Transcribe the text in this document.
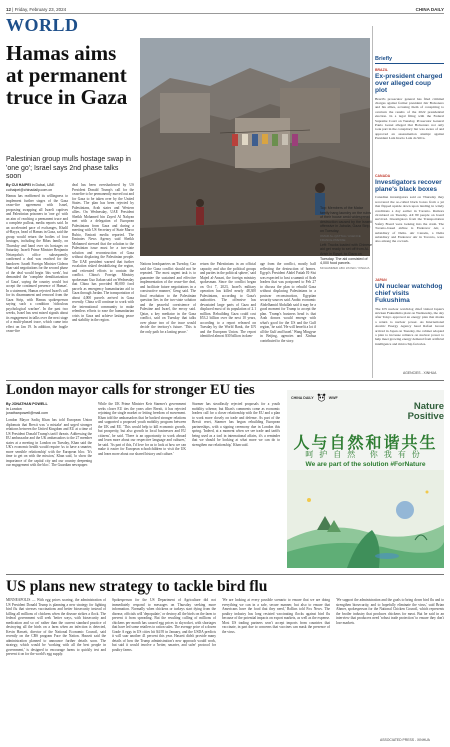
12 | Friday, February 23, 2024	CHINA DAILY
WORLD
Hamas aims at permanent truce in Gaza
Palestinian group mulls hostage swap in 'one go'; Israel says 2nd phase talks soon
By CUI HAIPEI in Dubai, UAE
cuihaipei@chinadaily.com.cn
Hamas has reaffirmed its willingness to implement further stages of the Gaza cease-fire agreement with Israel, proposing swapping all Israeli captives and Palestinian prisoners in 'one go' with an aim of reaching a permanent truce and a complete pullout, media reports said. In an accelerated pace of exchanges, Khalil al-Hayya, head of Hamas in Gaza, said the group would return the bodies of four hostages, including the Bibas family, on Thursday and hand over six hostages on Saturday. Israeli Prime Minister Benjamin Netanyahu's office subsequently confirmed a deal was reached for the handover. Israeli Foreign Minister Gideon Saar said negotiations for the second phase of the deal would begin 'this week', but demanded the 'complete demilitarization of Gaza', saying the country would 'not accept the continued presence of Hamas'. In a statement, Hamas rejected Israel's call for its disarmament and removal from the Gaza Strip, with Hamas spokesperson saying such a condition 'ridiculous psychological warfare'. In the past two weeks, Israel has sent mixed signals about its engagement in talks over the next stage of a multi-phased truce, which came into effect on Jan 19. In addition, the fragile cease-fire
deal has been overshadowed by US President Donald Trump's call for the ceasefire to be permanently moved out and for Gaza to be taken over by the United States. The plan has been rejected by Palestinians, Arab states and Western allies. On Wednesday, UAE President Sheikh Mohamed bin Zayed Al Nahyan met with a delegation of European Palestinians from Gaza and during a meeting with US Secretary of State Marco Rubio, Emirati media reported. The Emirates News Agency said Sheikh Mohamed stressed that the solution to the Palestinian issue must be a two-state solution and reconstruction of Gaza without displacing the Palestinian people. The UAE president warned that further escalation risked destabilizing the region, and reiterated efforts to contain the conflict. China's Foreign Ministry spokesman Guo Jiakun said on Wednesday that China has provided 80,000 food parcels as emergency humanitarian aid to Gaza through Jordan. The transportation of about 4,000 parcels arrived in Gaza recently. China will continue to work with the international community to make relentless efforts to ease the humanitarian crisis in Gaza and achieve lasting peace and stability in the region.
Nations headquarters on Tuesday, Cao said the Gaza conflict should not be repeated. 'The most urgent task is to guarantee the sustained and effective implementation of the cease-fire deal, and facilitate future negotiations in a constructive manner,' Geng said. The final resolution to the Palestinian question lies in the two-state solution and the peaceful coexistence of Palestine and Israel, the envoy said. Qatar, a key mediator in the Gaza conflict, said on Tuesday that talks over phase two of the truce would decide the territory's future. 'This is the only path for a lasting peace.'
return the Palestinians in an official capacity and also the political groups and parties in the political sphere,' said Majed al-Ansari, the foreign ministry spokesman. Since the conflict began on Oct 7, 2023, Israel's military operation has killed nearly 48,300 Palestinians, according to Gaza's authorities. The offensive has devastated large parts of Gaza and displaced most of its population of 2.1 million. Rebuilding Gaza could cost $53.2 billion over the next 10 years, according to a report released on Tuesday by the World Bank, the UN and the European Union. The report identified almost $30 billion in dam-
age from the conflict, mostly half reflecting the destruction of homes. Egypt's President Abdel Fattah El-Sisi was expected to host a summit of Arab leaders that was postponed to Feb 27 to discuss the plan to rebuild Gaza without displacing Palestinians in a postwar reconstruction, Egyptian security sources said. Arabic economic Abdelhamid Abdullah said it may be a good moment for Trump to accept the plan. 'Trump's business head is that Arab donors would emerge with what's good for the US and the Gulf region,' he said. 'He will benefit a lot if all the Gulf and Israel.' Wang Mingyue in Beijing, agencies and Xinhua contributed to the story.
Top: Members of the Matar family hang laundry on the ruins of their house amid widespread destruction caused by the Israeli offensive in Jabalia, Gaza Strip, on Tuesday.
OMAR AL-QATTAA / AGENCE FRANCE-PRESSE
Left: Trucks loaded with Chinese aid get ready to set off from Al-Arish in Egypt, to Gaza on Tuesday. The aid consisted of 4,000 food parcels.
MOHAMMED ABU ZAYED / XINHUA
Briefly
BRAZIL
Ex-president charged over alleged coup plot
Brazil's prosecutor general has filed criminal charges against former president Jair Bolsonaro and his allies, accusing them of conspiring to overturn the results of the 2022 presidential election. In a legal filing with the Federal Supreme Court on Tuesday, Prosecutor General Paulo Gonet alleged that Bolsonaro not only took part in the conspiracy but was aware of and approved an assassination attempt against President Luiz Inacio Lula da Silva.
CANADA
Investigators recover plane's black boxes
Canadian investigators said on Thursday they recovered the so-called black boxes from a jet that flipped upside down upon landing in windy conditions a day earlier in Toronto. Rumors circulated on Tuesday. All 80 people on board survived. Investigators from the Transportation Safety Board were looking into the crash. The Toronto-based airline is Endeavor Air, a subsidiary of Delta. Air Canada, a Delta subsidiary and Endeavor Air in Toronto, were also among the cocrash.
JAPAN
UN nuclear watchdog chief visits Fukushima
The UN nuclear watchdog chief visited Japan's stricken Fukushima plant on Wednesday, the day after Tokyo approved an energy plan that marks a return to nuclear power. As International Atomic Energy Agency head Rafael Grossi arrived in Japan on Tuesday, the cabinet adopted a plan to increase reliance on nuclear power to help meet growing energy demand from artificial intelligence and microchip factories.
AGENCIES - XINHUA
London mayor calls for stronger EU ties
By JONATHAN POWELL
in London
jonathanpowell@mail.com
London Mayor Sadiq Khan has told European Union diplomats that Brexit was 'a mistake' and urged stronger relations between the United Kingdom and EU at a time of US President Donald Trump's tariff threats. Addressing the EU ambassador and the UK ambassadors to the 27 member states at a meeting in London on Tuesday, Khan said the UK's economic health would require 'us to have a smarter, more sensible relationship' with the European bloc. 'It's time to get on with the mission,' Khan said, 'to show the importance of the capital city and our country deepening our engagement with the bloc'. The Guardian newspaper.
While the UK Prime Minister Keir Starmer's government seeks closer EU ties the years after Brexit, it has rejected rejoining the single market or letting freedom of movement. Khan told the ambassadors that he backed stronger relations and supported a proposed youth mobility program between the UK and EU. 'This would help to kill economic growth, but prosperity, but also growth in local businesses and EU citizens', he said. 'There is an opportunity to work abroad and learn more about our respective language and cultures,' he said. 'As part of this, I'd love for us to look at how we can make it easier for European schoolchildren to visit the UK and learn more about our shared history and culture.'
Starmer has steadfastly rejected proposals for a youth mobility scheme, but Khan's comments come as economic leaders call for a closer relationship with the EU and a plan to work more closely on trade and defense. As part of the Brexit reset, Starmer has begun rebuilding European partnerships, with a signing ceremony due in London this spring. 'Indeed, at a moment when we see trade and tariffs being used as a tool in international affairs, it's a reminder that we should be looking at what more we can do to strengthen our relationship,' Khan said.
CHINA DAILY	WWF
Nature Positive
人与自然和谐共生
呵护自然 你我有份
We are part of the solution #ForNature
US plans new strategy to tackle bird flu
MINNEAPOLIS — With egg prices soaring, the administration of US President Donald Trump is planning a new strategy for fighting bird flu that stresses vaccinations and better biosecurity instead of killing all millions of chickens when the disease strikes a flock. The federal government will seek 'better ways, with biosecurity and medication and so on' rather than the current standard practice of destroying all the birds on a farm when an infection is detected, Kevin Hassett, director of the National Economic Council, said recently on the CBS program Face the Nation. Hassett said the administration planned to announce further details soon. The strategy, which would be 'working with all the best people in government,' is designed to encourage farms to quickly test and prevent it on for the world's egg supply.
Spokesperson for the US Department of Agriculture did not immediately respond to messages on Thursday seeking more information. Normally when chickens or turkeys start dying from the disease, officials will 'depopulate,' or destroy all the birds on the farm to prevent it from spreading. But the resulting culling of millions of chickens per month has caused egg prices to skyrocket, with shortages that have led some retailers to ration sales. The average price of a dozen Grade A eggs in US cities hit $4.95 in January, and the USDA predicts it will soar another 41 percent this year. Hassett didn't provide many details of how the Trump administration's new approach would work, but said it would involve a 'better, smarter, and safer' protocol for poultry farms.
'We are looking at every possible scenario to ensure that we are doing everything we can in a safe, secure manner, but also to ensure that Americans have the food that they need,' Rollins told Fox News. The poultry industry has long resisted vaccinating flocks against bird flu because of the potential impacts on export markets, as well as the expense. Most US trading partners won't accept imports from countries that vaccinate, in part due to concerns that vaccines can mask the presence of the virus.
'We support the administration and the goals to bring down bird flu and to strengthen biosecurity, and to hopefully eliminate the virus,' said Brian Ahmer, spokesperson for the National Chicken Council, which represents the broiler industry that produces chickens for meat. But he said in an interview that producers need 'robust trade protection' to ensure they don't lose markets.
ASSOCIATED PRESS - XINHUA
